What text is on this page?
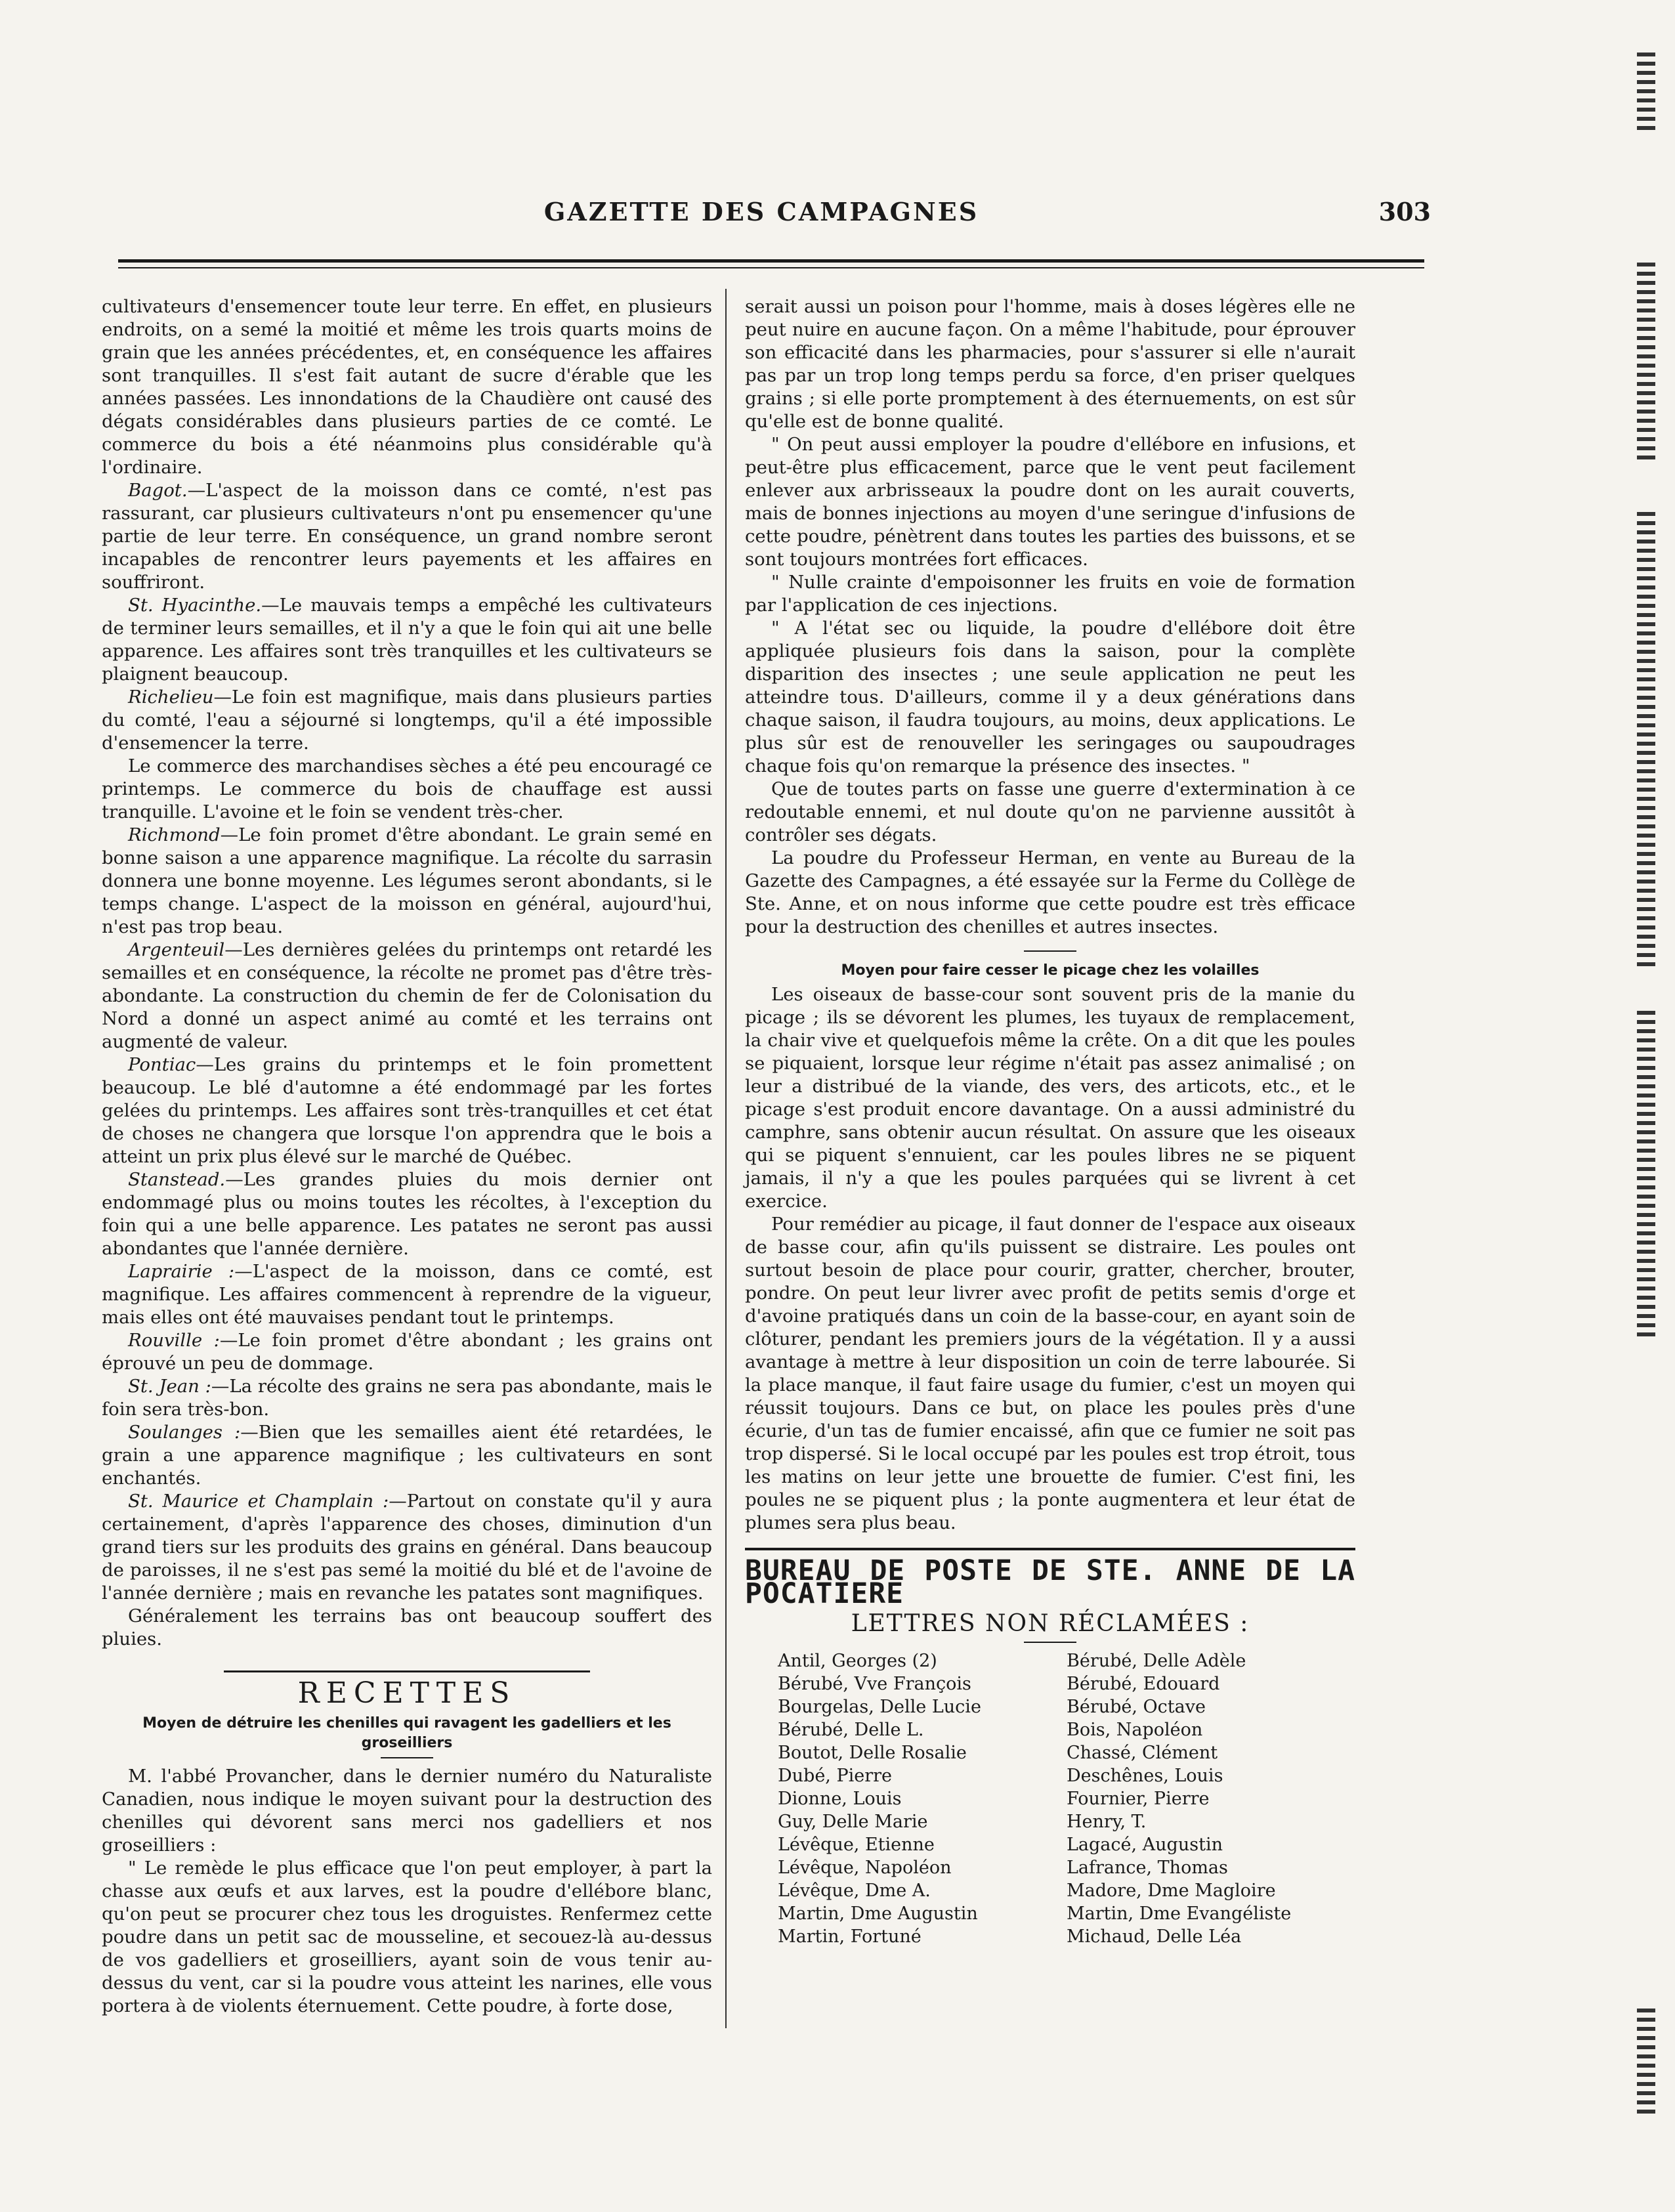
GAZETTE DES CAMPAGNES	303

cultivateurs d'ensemencer toute leur terre. En effet, en plusieurs endroits, on a semé la moitié et même les trois quarts moins de grain que les années précédentes, et, en conséquence les affaires sont tranquilles. Il s'est fait autant de sucre d'érable que les années passées. Les innondations de la Chaudière ont causé des dégats considérables dans plusieurs parties de ce comté. Le commerce du bois a été néanmoins plus considérable qu'à l'ordinaire.

Bagot.—L'aspect de la moisson dans ce comté, n'est pas rassurant, car plusieurs cultivateurs n'ont pu ensemencer qu'une partie de leur terre. En conséquence, un grand nombre seront incapables de rencontrer leurs payements et les affaires en souffriront.

St. Hyacinthe.—Le mauvais temps a empêché les cultivateurs de terminer leurs semailles, et il n'y a que le foin qui ait une belle apparence. Les affaires sont très tranquilles et les cultivateurs se plaignent beaucoup.

Richelieu—Le foin est magnifique, mais dans plusieurs parties du comté, l'eau a séjourné si longtemps, qu'il a été impossible d'ensemencer la terre.

Le commerce des marchandises sèches a été peu encouragé ce printemps. Le commerce du bois de chauffage est aussi tranquille. L'avoine et le foin se vendent très-cher.

Richmond—Le foin promet d'être abondant. Le grain semé en bonne saison a une apparence magnifique. La récolte du sarrasin donnera une bonne moyenne. Les légumes seront abondants, si le temps change. L'aspect de la moisson en général, aujourd'hui, n'est pas trop beau.

Argenteuil—Les dernières gelées du printemps ont retardé les semailles et en conséquence, la récolte ne promet pas d'être très-abondante. La construction du chemin de fer de Colonisation du Nord a donné un aspect animé au comté et les terrains ont augmenté de valeur.

Pontiac—Les grains du printemps et le foin promettent beaucoup. Le blé d'automne a été endommagé par les fortes gelées du printemps. Les affaires sont très-tranquilles et cet état de choses ne changera que lorsque l'on apprendra que le bois a atteint un prix plus élevé sur le marché de Québec.

Stanstead.—Les grandes pluies du mois dernier ont endommagé plus ou moins toutes les récoltes, à l'exception du foin qui a une belle apparence. Les patates ne seront pas aussi abondantes que l'année dernière.

Laprairie :—L'aspect de la moisson, dans ce comté, est magnifique. Les affaires commencent à reprendre de la vigueur, mais elles ont été mauvaises pendant tout le printemps.

Rouville :—Le foin promet d'être abondant ; les grains ont éprouvé un peu de dommage.

St. Jean :—La récolte des grains ne sera pas abondante, mais le foin sera très-bon.

Soulanges :—Bien que les semailles aient été retardées, le grain a une apparence magnifique ; les cultivateurs en sont enchantés.

St. Maurice et Champlain :—Partout on constate qu'il y aura certainement, d'après l'apparence des choses, diminution d'un grand tiers sur les produits des grains en général. Dans beaucoup de paroisses, il ne s'est pas semé la moitié du blé et de l'avoine de l'année dernière ; mais en revanche les patates sont magnifiques.

Généralement les terrains bas ont beaucoup souffert des pluies.

RECETTES
Moyen de détruire les chenilles qui ravagent les gadelliers et les groseilliers

M. l'abbé Provancher, dans le dernier numéro du Naturaliste Canadien, nous indique le moyen suivant pour la destruction des chenilles qui dévorent sans merci nos gadelliers et nos groseilliers :

" Le remède le plus efficace que l'on peut employer, à part la chasse aux œufs et aux larves, est la poudre d'ellébore blanc, qu'on peut se procurer chez tous les droguistes. Renfermez cette poudre dans un petit sac de mousseline, et secouez-là au-dessus de vos gadelliers et groseilliers, ayant soin de vous tenir au-dessus du vent, car si la poudre vous atteint les narines, elle vous portera à de violents éternuement. Cette poudre, à forte dose,

serait aussi un poison pour l'homme, mais à doses légères elle ne peut nuire en aucune façon. On a même l'habitude, pour éprouver son efficacité dans les pharmacies, pour s'assurer si elle n'aurait pas par un trop long temps perdu sa force, d'en priser quelques grains ; si elle porte promptement à des éternuements, on est sûr qu'elle est de bonne qualité.

" On peut aussi employer la poudre d'ellébore en infusions, et peut-être plus efficacement, parce que le vent peut facilement enlever aux arbrisseaux la poudre dont on les aurait couverts, mais de bonnes injections au moyen d'une seringue d'infusions de cette poudre, pénètrent dans toutes les parties des buissons, et se sont toujours montrées fort efficaces.

" Nulle crainte d'empoisonner les fruits en voie de formation par l'application de ces injections.

" A l'état sec ou liquide, la poudre d'ellébore doit être appliquée plusieurs fois dans la saison, pour la complète disparition des insectes ; une seule application ne peut les atteindre tous. D'ailleurs, comme il y a deux générations dans chaque saison, il faudra toujours, au moins, deux applications. Le plus sûr est de renouveller les seringages ou saupoudrages chaque fois qu'on remarque la présence des insectes. "

Que de toutes parts on fasse une guerre d'extermination à ce redoutable ennemi, et nul doute qu'on ne parvienne aussitôt à contrôler ses dégats.

La poudre du Professeur Herman, en vente au Bureau de la Gazette des Campagnes, a été essayée sur la Ferme du Collège de Ste. Anne, et on nous informe que cette poudre est très efficace pour la destruction des chenilles et autres insectes.

Moyen pour faire cesser le picage chez les volailles

Les oiseaux de basse-cour sont souvent pris de la manie du picage ; ils se dévorent les plumes, les tuyaux de remplacement, la chair vive et quelquefois même la crête. On a dit que les poules se piquaient, lorsque leur régime n'était pas assez animalisé ; on leur a distribué de la viande, des vers, des articots, etc., et le picage s'est produit encore davantage. On a aussi administré du camphre, sans obtenir aucun résultat. On assure que les oiseaux qui se piquent s'ennuient, car les poules libres ne se piquent jamais, il n'y a que les poules parquées qui se livrent à cet exercice.

Pour remédier au picage, il faut donner de l'espace aux oiseaux de basse cour, afin qu'ils puissent se distraire. Les poules ont surtout besoin de place pour courir, gratter, chercher, brouter, pondre. On peut leur livrer avec profit de petits semis d'orge et d'avoine pratiqués dans un coin de la basse-cour, en ayant soin de clôturer, pendant les premiers jours de la végétation. Il y a aussi avantage à mettre à leur disposition un coin de terre labourée. Si la place manque, il faut faire usage du fumier, c'est un moyen qui réussit toujours. Dans ce but, on place les poules près d'une écurie, d'un tas de fumier encaissé, afin que ce fumier ne soit pas trop dispersé. Si le local occupé par les poules est trop étroit, tous les matins on leur jette une brouette de fumier. C'est fini, les poules ne se piquent plus ; la ponte augmentera et leur état de plumes sera plus beau.

BUREAU DE POSTE DE STE. ANNE DE LA POCATIERE
LETTRES NON RÉCLAMÉES :
Antil, Georges (2)
Bérubé, Vve François
Bourgelas, Delle Lucie
Bérubé, Delle L.
Boutot, Delle Rosalie
Dubé, Pierre
Dionne, Louis
Guy, Delle Marie
Lévêque, Etienne
Lévêque, Napoléon
Lévêque, Dme A.
Martin, Dme Augustin
Martin, Fortuné
Bérubé, Delle Adèle
Bérubé, Edouard
Bérubé, Octave
Bois, Napoléon
Chassé, Clément
Deschênes, Louis
Fournier, Pierre
Henry, T.
Lagacé, Augustin
Lafrance, Thomas
Madore, Dme Magloire
Martin, Dme Evangéliste
Michaud, Delle Léa
